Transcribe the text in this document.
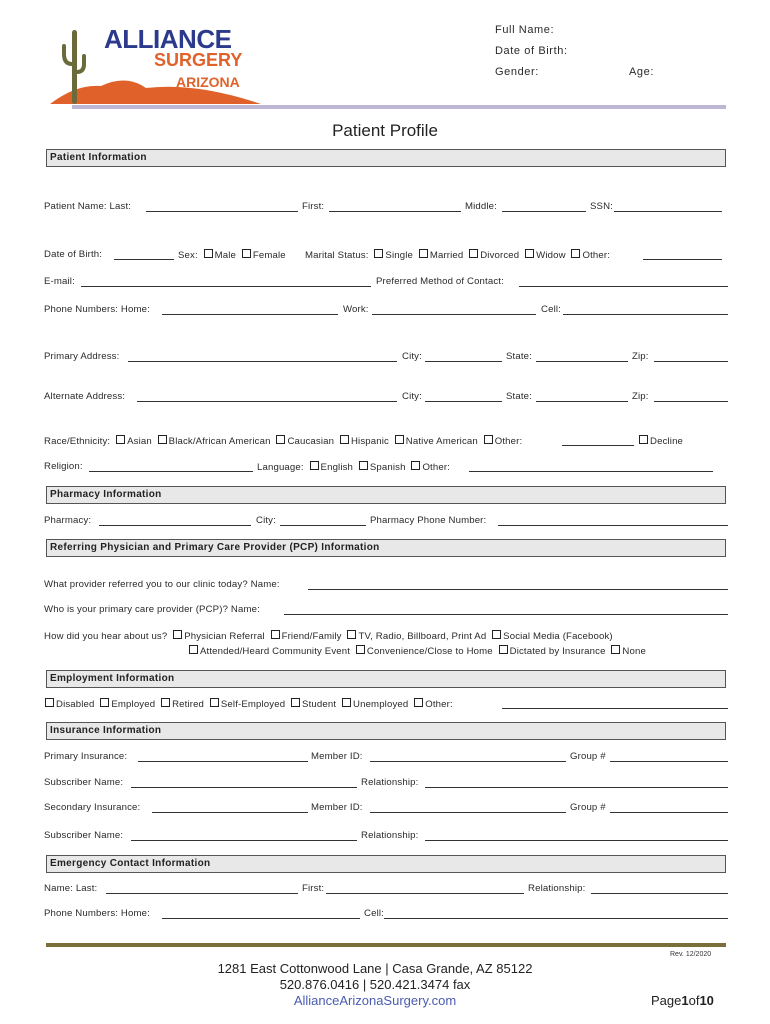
ALLIANCE
SURGERY
ARIZONA
Full Name:
Date of Birth:
Gender:	Age:
Patient Profile
Patient Information
Patient Name: Last:	First:	Middle:	SSN:
Date of Birth:	Sex: Male Female Marital Status: Single Married Divorced Widow Other:
E-mail:	Preferred Method of Contact:
Phone Numbers: Home:	Work:	Cell:
Primary Address:	City:	State:	Zip:
Alternate Address:	City:	State:	Zip:
Race/Ethnicity: Asian Black/African American Caucasian Hispanic Native American Other:	Decline
Religion:	Language: English Spanish Other:
Pharmacy Information
Pharmacy:	City:	Pharmacy Phone Number:
Referring Physician and Primary Care Provider (PCP) Information
What provider referred you to our clinic today? Name:
Who is your primary care provider (PCP)? Name:
How did you hear about us? Physician Referral Friend/Family TV, Radio, Billboard, Print Ad Social Media (Facebook)
Attended/Heard Community Event Convenience/Close to Home Dictated by Insurance None
Employment Information
Disabled Employed Retired Self-Employed Student Unemployed Other:
Insurance Information
Primary Insurance:	Member ID:	Group #
Subscriber Name:	Relationship:
Secondary Insurance:	Member ID:	Group #
Subscriber Name:	Relationship:
Emergency Contact Information
Name: Last:	First:	Relationship:
Phone Numbers: Home:	Cell:
Rev. 12/2020
1281 East Cottonwood Lane | Casa Grande, AZ 85122
520.876.0416 | 520.421.3474 fax
AllianceArizonaSurgery.com	Page1of10
